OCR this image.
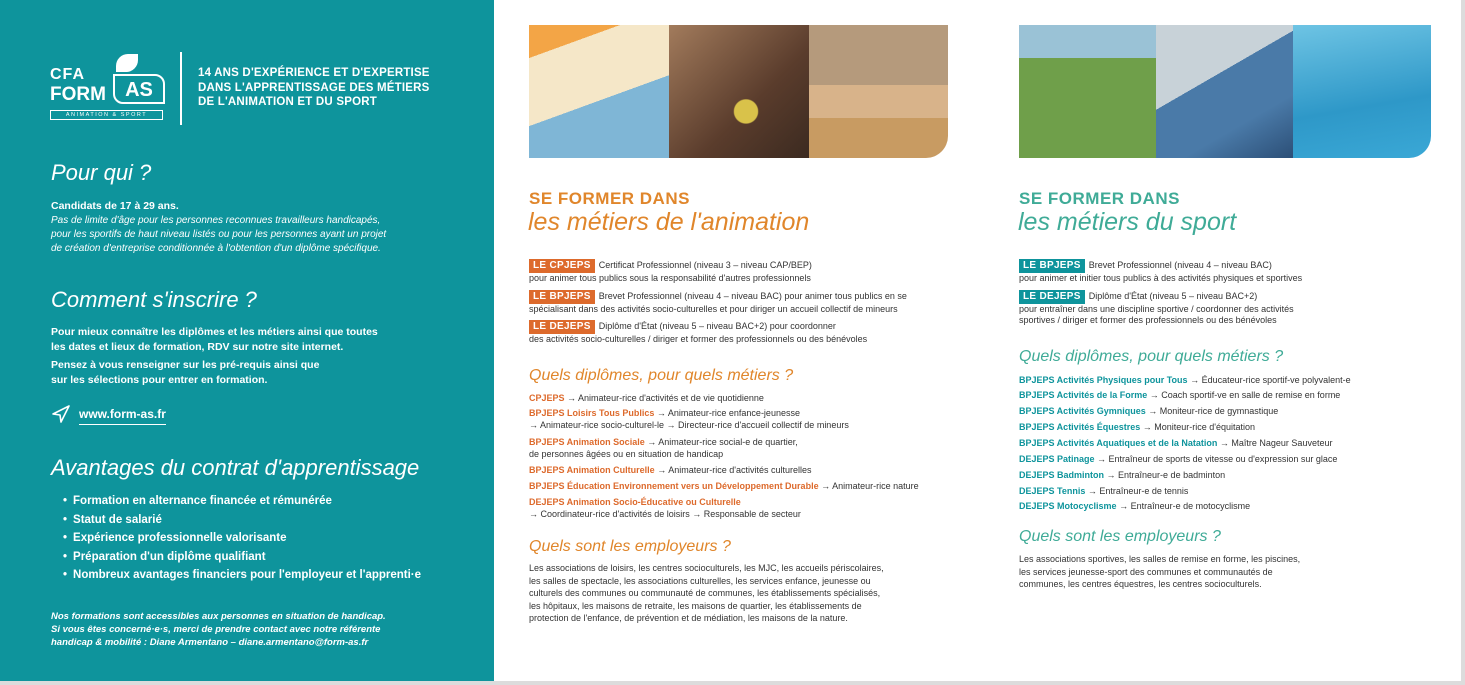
CFA
FORM AS
ANIMATION & SPORT
14 ANS D'EXPÉRIENCE ET D'EXPERTISE
DANS L'APPRENTISSAGE DES MÉTIERS
DE L'ANIMATION ET DU SPORT
Pour qui ?
Candidats de 17 à 29 ans.
Pas de limite d'âge pour les personnes reconnues travailleurs handicapés,
pour les sportifs de haut niveau listés ou pour les personnes ayant un projet
de création d'entreprise conditionnée à l'obtention d'un diplôme spécifique.
Comment s'inscrire ?
Pour mieux connaître les diplômes et les métiers ainsi que toutes
les dates et lieux de formation, RDV sur notre site internet.
Pensez à vous renseigner sur les pré-requis ainsi que
sur les sélections pour entrer en formation.
www.form-as.fr
Avantages du contrat d'apprentissage
• Formation en alternance financée et rémunérée
• Statut de salarié
• Expérience professionnelle valorisante
• Préparation d'un diplôme qualifiant
• Nombreux avantages financiers pour l'employeur et l'apprenti·e
Nos formations sont accessibles aux personnes en situation de handicap.
Si vous êtes concerné·e·s, merci de prendre contact avec notre référente
handicap & mobilité : Diane Armentano – diane.armentano@form-as.fr
SE FORMER DANS
les métiers de l'animation
LE CPJEPS Certificat Professionnel (niveau 3 – niveau CAP/BEP)
pour animer tous publics sous la responsabilité d'autres professionnels
LE BPJEPS Brevet Professionnel (niveau 4 – niveau BAC) pour animer tous publics en se
spécialisant dans des activités socio-culturelles et pour diriger un accueil collectif de mineurs
LE DEJEPS Diplôme d'État (niveau 5 – niveau BAC+2) pour coordonner
des activités socio-culturelles / diriger et former des professionnels ou des bénévoles
Quels diplômes, pour quels métiers ?
CPJEPS → Animateur-rice d'activités et de vie quotidienne
BPJEPS Loisirs Tous Publics → Animateur-rice enfance-jeunesse
→ Animateur-rice socio-culturel-le → Directeur-rice d'accueil collectif de mineurs
BPJEPS Animation Sociale → Animateur-rice social-e de quartier,
de personnes âgées ou en situation de handicap
BPJEPS Animation Culturelle → Animateur-rice d'activités culturelles
BPJEPS Éducation Environnement vers un Développement Durable → Animateur-rice nature
DEJEPS Animation Socio-Éducative ou Culturelle
→ Coordinateur-rice d'activités de loisirs → Responsable de secteur
Quels sont les employeurs ?
Les associations de loisirs, les centres socioculturels, les MJC, les accueils périscolaires,
les salles de spectacle, les associations culturelles, les services enfance, jeunesse ou
culturels des communes ou communauté de communes, les établissements spécialisés,
les hôpitaux, les maisons de retraite, les maisons de quartier, les établissements de
protection de l'enfance, de prévention et de médiation, les maisons de la nature.
SE FORMER DANS
les métiers du sport
LE BPJEPS Brevet Professionnel (niveau 4 – niveau BAC)
pour animer et initier tous publics à des activités physiques et sportives
LE DEJEPS Diplôme d'État (niveau 5 – niveau BAC+2)
pour entraîner dans une discipline sportive / coordonner des activités
sportives / diriger et former des professionnels ou des bénévoles
Quels diplômes, pour quels métiers ?
BPJEPS Activités Physiques pour Tous → Éducateur-rice sportif-ve polyvalent-e
BPJEPS Activités de la Forme → Coach sportif-ve en salle de remise en forme
BPJEPS Activités Gymniques → Moniteur-rice de gymnastique
BPJEPS Activités Équestres → Moniteur-rice d'équitation
BPJEPS Activités Aquatiques et de la Natation → Maître Nageur Sauveteur
DEJEPS Patinage → Entraîneur de sports de vitesse ou d'expression sur glace
DEJEPS Badminton → Entraîneur-e de badminton
DEJEPS Tennis → Entraîneur-e de tennis
DEJEPS Motocyclisme → Entraîneur-e de motocyclisme
Quels sont les employeurs ?
Les associations sportives, les salles de remise en forme, les piscines,
les services jeunesse-sport des communes et communautés de
communes, les centres équestres, les centres socioculturels.
